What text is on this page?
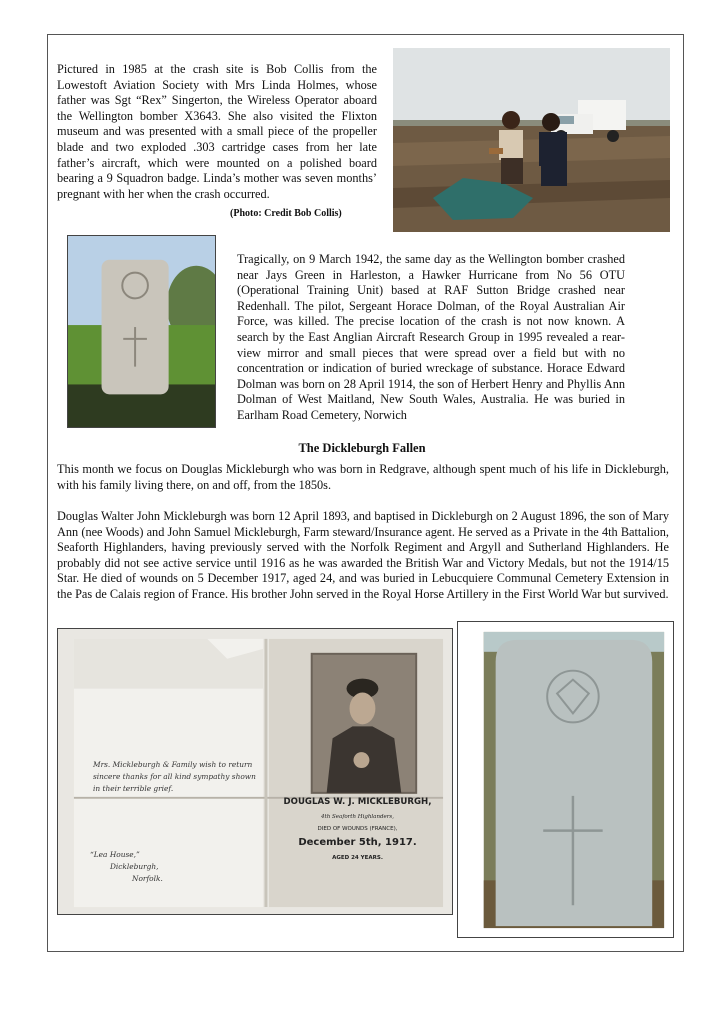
Pictured in 1985 at the crash site is Bob Collis from the Lowestoft Aviation Society with Mrs Linda Holmes, whose father was Sgt “Rex” Singerton, the Wireless Operator aboard the Wellington bomber X3643. She also visited the Flixton museum and was presented with a small piece of the propeller blade and two exploded .303 cartridge cases from her late father’s aircraft, which were mounted on a polished board bearing a 9 Squadron badge. Linda’s mother was seven months’ pregnant with her when the crash occurred.

(Photo: Credit Bob Collis)

Tragically, on 9 March 1942, the same day as the Wellington bomber crashed near Jays Green in Harleston, a Hawker Hurricane from No 56 OTU (Operational Training Unit) based at RAF Sutton Bridge crashed near Redenhall. The pilot, Sergeant Horace Dolman, of the Royal Australian Air Force, was killed. The precise location of the crash is not now known. A search by the East Anglian Aircraft Research Group in 1995 revealed a rear-view mirror and small pieces that were spread over a field but with no concentration or indication of buried wreckage of substance. Horace Edward Dolman was born on 28 April 1914, the son of Herbert Henry and Phyllis Ann Dolman of West Maitland, New South Wales, Australia. He was buried in Earlham Road Cemetery, Norwich

The Dickleburgh Fallen

This month we focus on Douglas Mickleburgh who was born in Redgrave, although spent much of his life in Dickleburgh, with his family living there, on and off, from the 1850s.

Douglas Walter John Mickleburgh was born 12 April 1893, and baptised in Dickleburgh on 2 August 1896, the son of Mary Ann (nee Woods) and John Samuel Mickleburgh, Farm steward/Insurance agent. He served as a Private in the 4th Battalion, Seaforth Highlanders, having previously served with the Norfolk Regiment and Argyll and Sutherland Highlanders. He probably did not see active service until 1916 as he was awarded the British War and Victory Medals, but not the 1914/15 Star. He died of wounds on 5 December 1917, aged 24, and was buried in Lebucquiere Communal Cemetery Extension in the Pas de Calais region of France. His brother John served in the Royal Horse Artillery in the First World War but survived.

Mrs. Mickleburgh & Family wish to return
sincere thanks for all kind sympathy shown
in their terrible grief.
“Lea House,”
Dickleburgh,
Norfolk.
DOUGLAS W. J. MICKLEBURGH,
4th Seaforth Highlanders,
DIED OF WOUNDS (FRANCE),
December 5th, 1917.
AGED 24 YEARS.
